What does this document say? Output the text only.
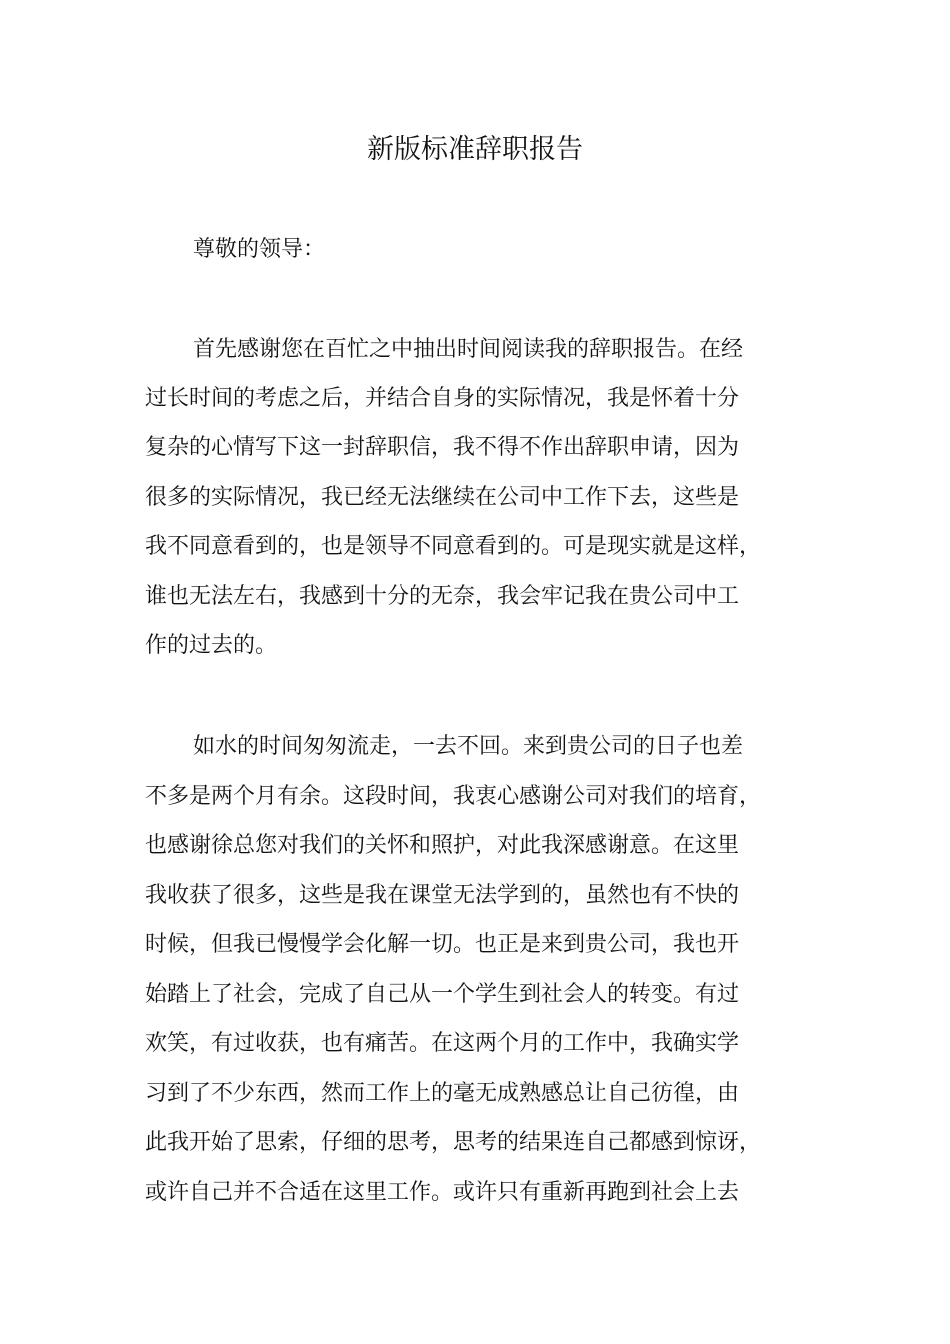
新版标准辞职报告
尊敬的领导：
首先感谢您在百忙之中抽出时间阅读我的辞职报告。在经
过长时间的考虑之后，并结合自身的实际情况，我是怀着十分
复杂的心情写下这一封辞职信，我不得不作出辞职申请，因为
很多的实际情况，我已经无法继续在公司中工作下去，这些是
我不同意看到的，也是领导不同意看到的。可是现实就是这样，
谁也无法左右，我感到十分的无奈，我会牢记我在贵公司中工
作的过去的。
如水的时间匆匆流走，一去不回。来到贵公司的日子也差
不多是两个月有余。这段时间，我衷心感谢公司对我们的培育，
也感谢徐总您对我们的关怀和照护，对此我深感谢意。在这里
我收获了很多，这些是我在课堂无法学到的，虽然也有不快的
时候，但我已慢慢学会化解一切。也正是来到贵公司，我也开
始踏上了社会，完成了自己从一个学生到社会人的转变。有过
欢笑，有过收获，也有痛苦。在这两个月的工作中，我确实学
习到了不少东西，然而工作上的毫无成熟感总让自己彷徨，由
此我开始了思索，仔细的思考，思考的结果连自己都感到惊讶，
或许自己并不合适在这里工作。或许只有重新再跑到社会上去
